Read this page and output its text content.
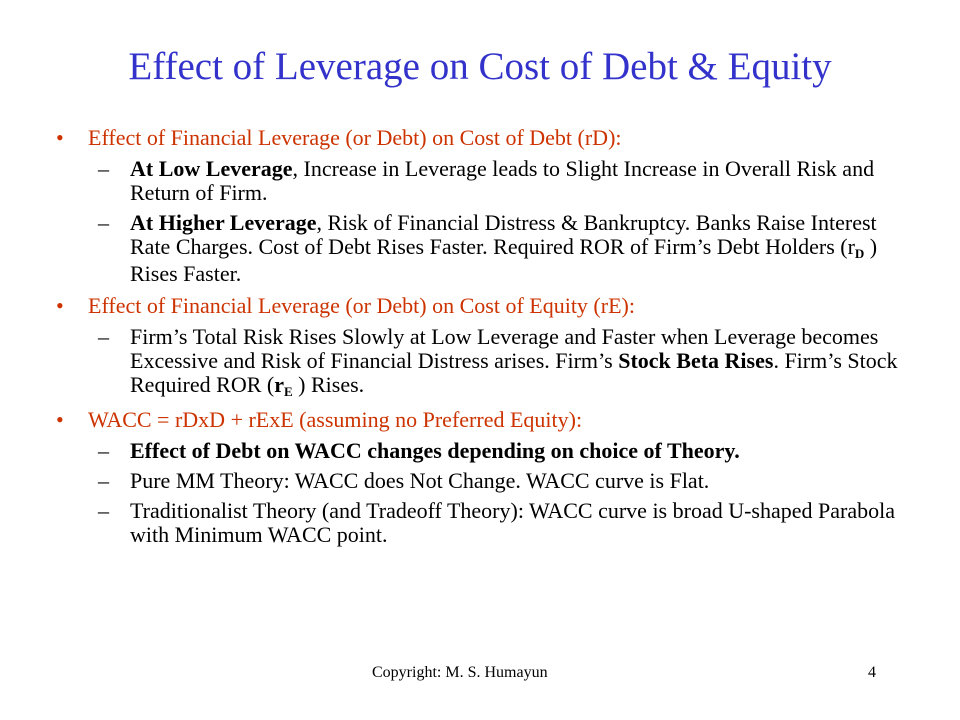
Effect of Leverage on Cost of Debt & Equity
• Effect of Financial Leverage (or Debt) on Cost of Debt (rD):
– At Low Leverage, Increase in Leverage leads to Slight Increase in Overall Risk and Return of Firm.
– At Higher Leverage, Risk of Financial Distress & Bankruptcy. Banks Raise Interest Rate Charges. Cost of Debt Rises Faster. Required ROR of Firm’s Debt Holders (rD ) Rises Faster.
• Effect of Financial Leverage (or Debt) on Cost of Equity (rE):
– Firm’s Total Risk Rises Slowly at Low Leverage and Faster when Leverage becomes Excessive and Risk of Financial Distress arises. Firm’s Stock Beta Rises. Firm’s Stock Required ROR (rE ) Rises.
• WACC = rDxD + rExE (assuming no Preferred Equity):
– Effect of Debt on WACC changes depending on choice of Theory.
– Pure MM Theory: WACC does Not Change. WACC curve is Flat.
– Traditionalist Theory (and Tradeoff Theory): WACC curve is broad U-shaped Parabola with Minimum WACC point.
Copyright: M. S. Humayun	4
